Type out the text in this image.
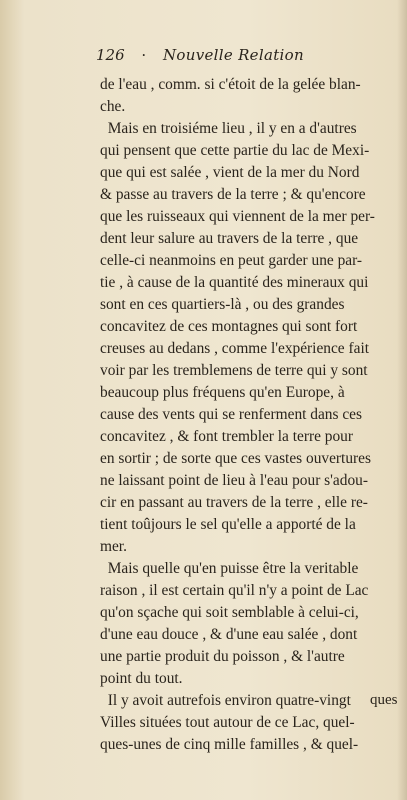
126 · Nouvelle Relation
de l'eau , comm. si c'étoit de la gelée blan-
che.
Mais en troisiéme lieu , il y en a d'autres
qui pensent que cette partie du lac de Mexi-
que qui est salée , vient de la mer du Nord
& passe au travers de la terre ; & qu'encore
que les ruisseaux qui viennent de la mer per-
dent leur salure au travers de la terre , que
celle-ci neanmoins en peut garder une par-
tie , à cause de la quantité des mineraux qui
sont en ces quartiers-là , ou des grandes
concavitez de ces montagnes qui sont fort
creuses au dedans , comme l'expérience fait
voir par les tremblemens de terre qui y sont
beaucoup plus fréquens qu'en Europe, à
cause des vents qui se renferment dans ces
concavitez , & font trembler la terre pour
en sortir ; de sorte que ces vastes ouvertures
ne laissant point de lieu à l'eau pour s'adou-
cir en passant au travers de la terre , elle re-
tient toûjours le sel qu'elle a apporté de la
mer.
Mais quelle qu'en puisse être la veritable
raison , il est certain qu'il n'y a point de Lac
qu'on sçache qui soit semblable à celui-ci,
d'une eau douce , & d'une eau salée , dont
une partie produit du poisson , & l'autre
point du tout.
Il y avoit autrefois environ quatre-vingt
Villes situées tout autour de ce Lac, quel-
ques-unes de cinq mille familles , & quel-
ques
